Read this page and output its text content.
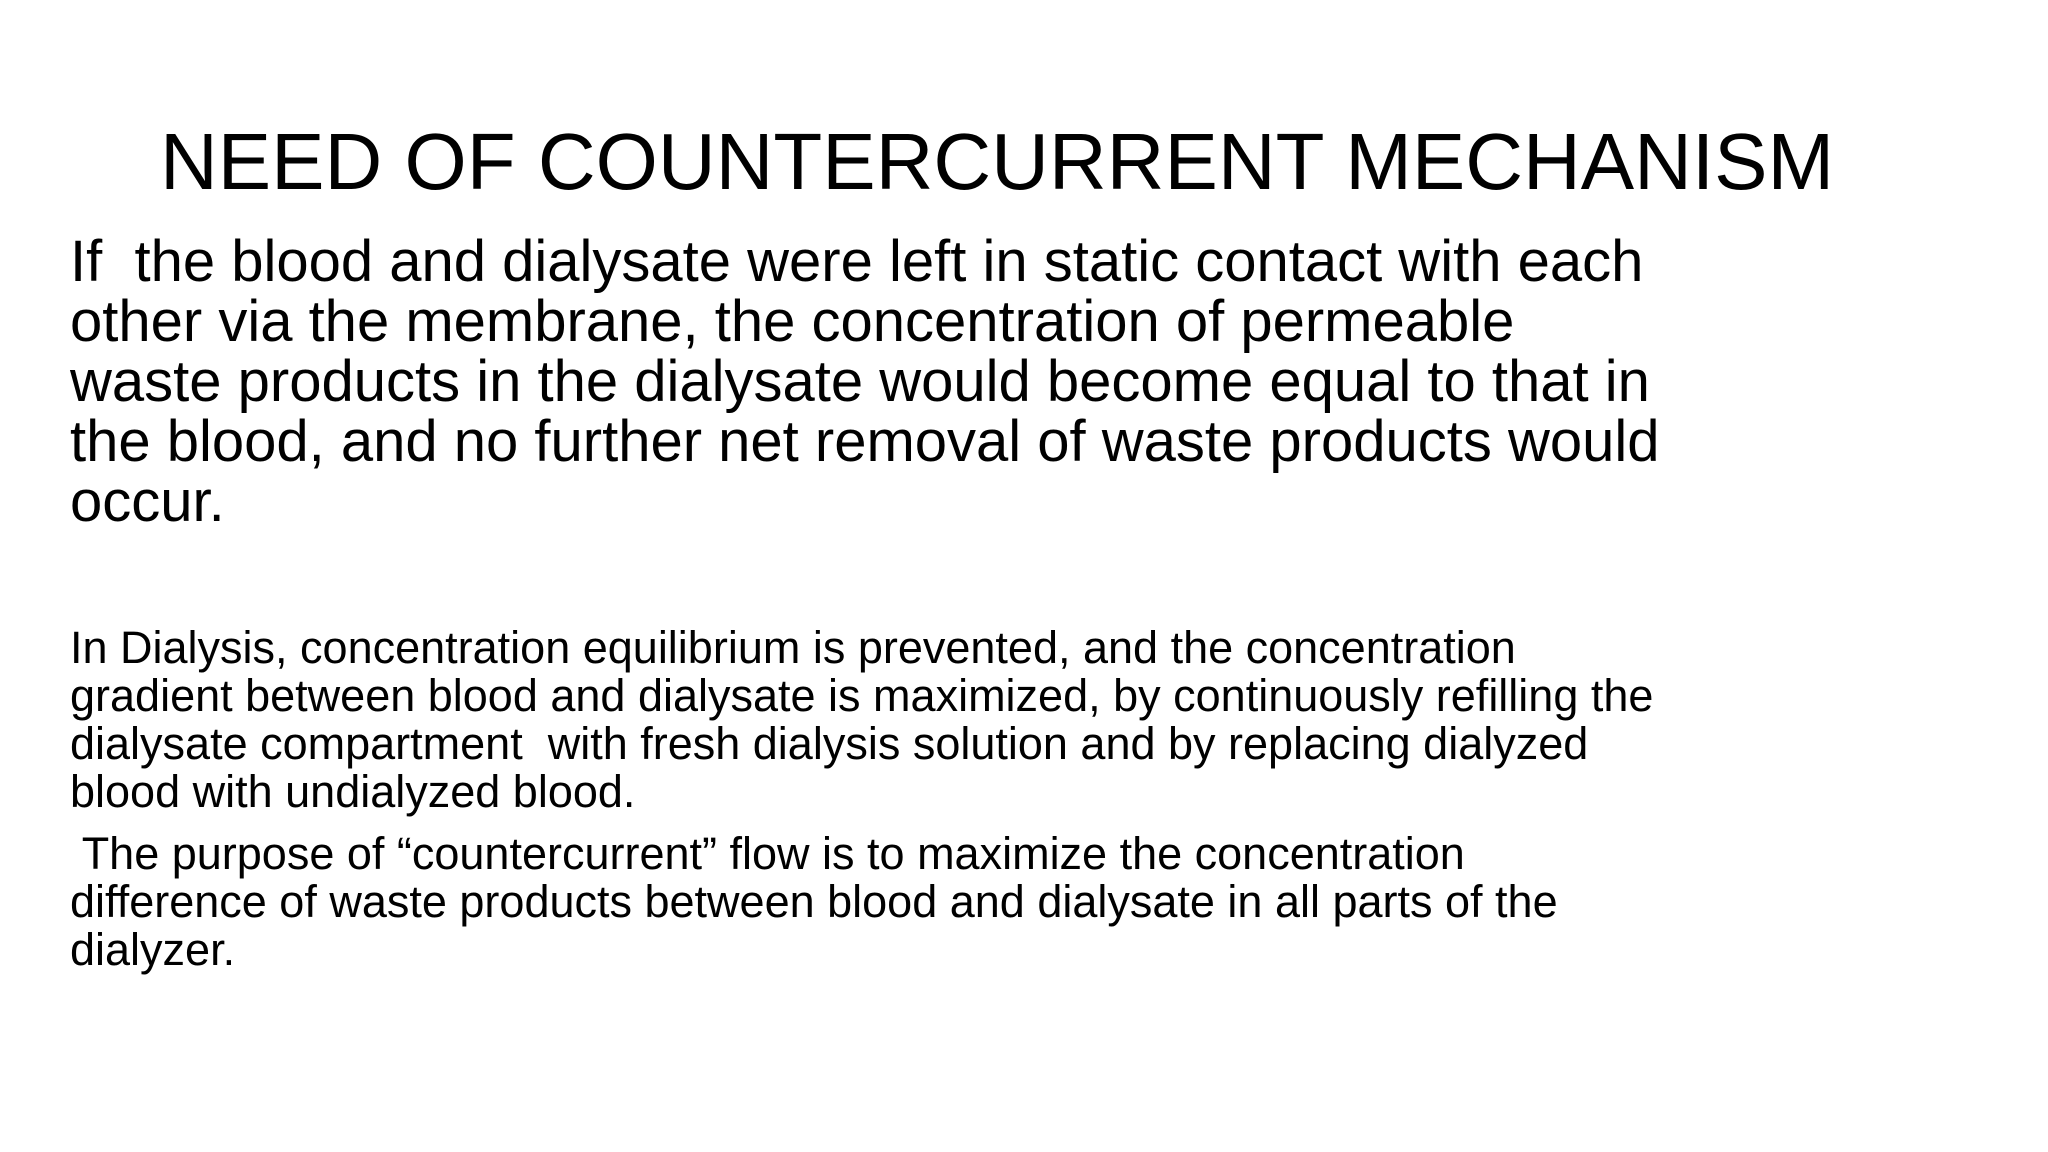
NEED OF COUNTERCURRENT MECHANISM

If  the blood and dialysate were left in static contact with each

other via the membrane, the concentration of permeable

waste products in the dialysate would become equal to that in

the blood, and no further net removal of waste products would

occur.

In Dialysis, concentration equilibrium is prevented, and the concentration
gradient between blood and dialysate is maximized, by continuously refilling the
dialysate compartment  with fresh dialysis solution and by replacing dialyzed
blood with undialyzed blood.

The purpose of “countercurrent” flow is to maximize the concentration
difference of waste products between blood and dialysate in all parts of the
dialyzer.
